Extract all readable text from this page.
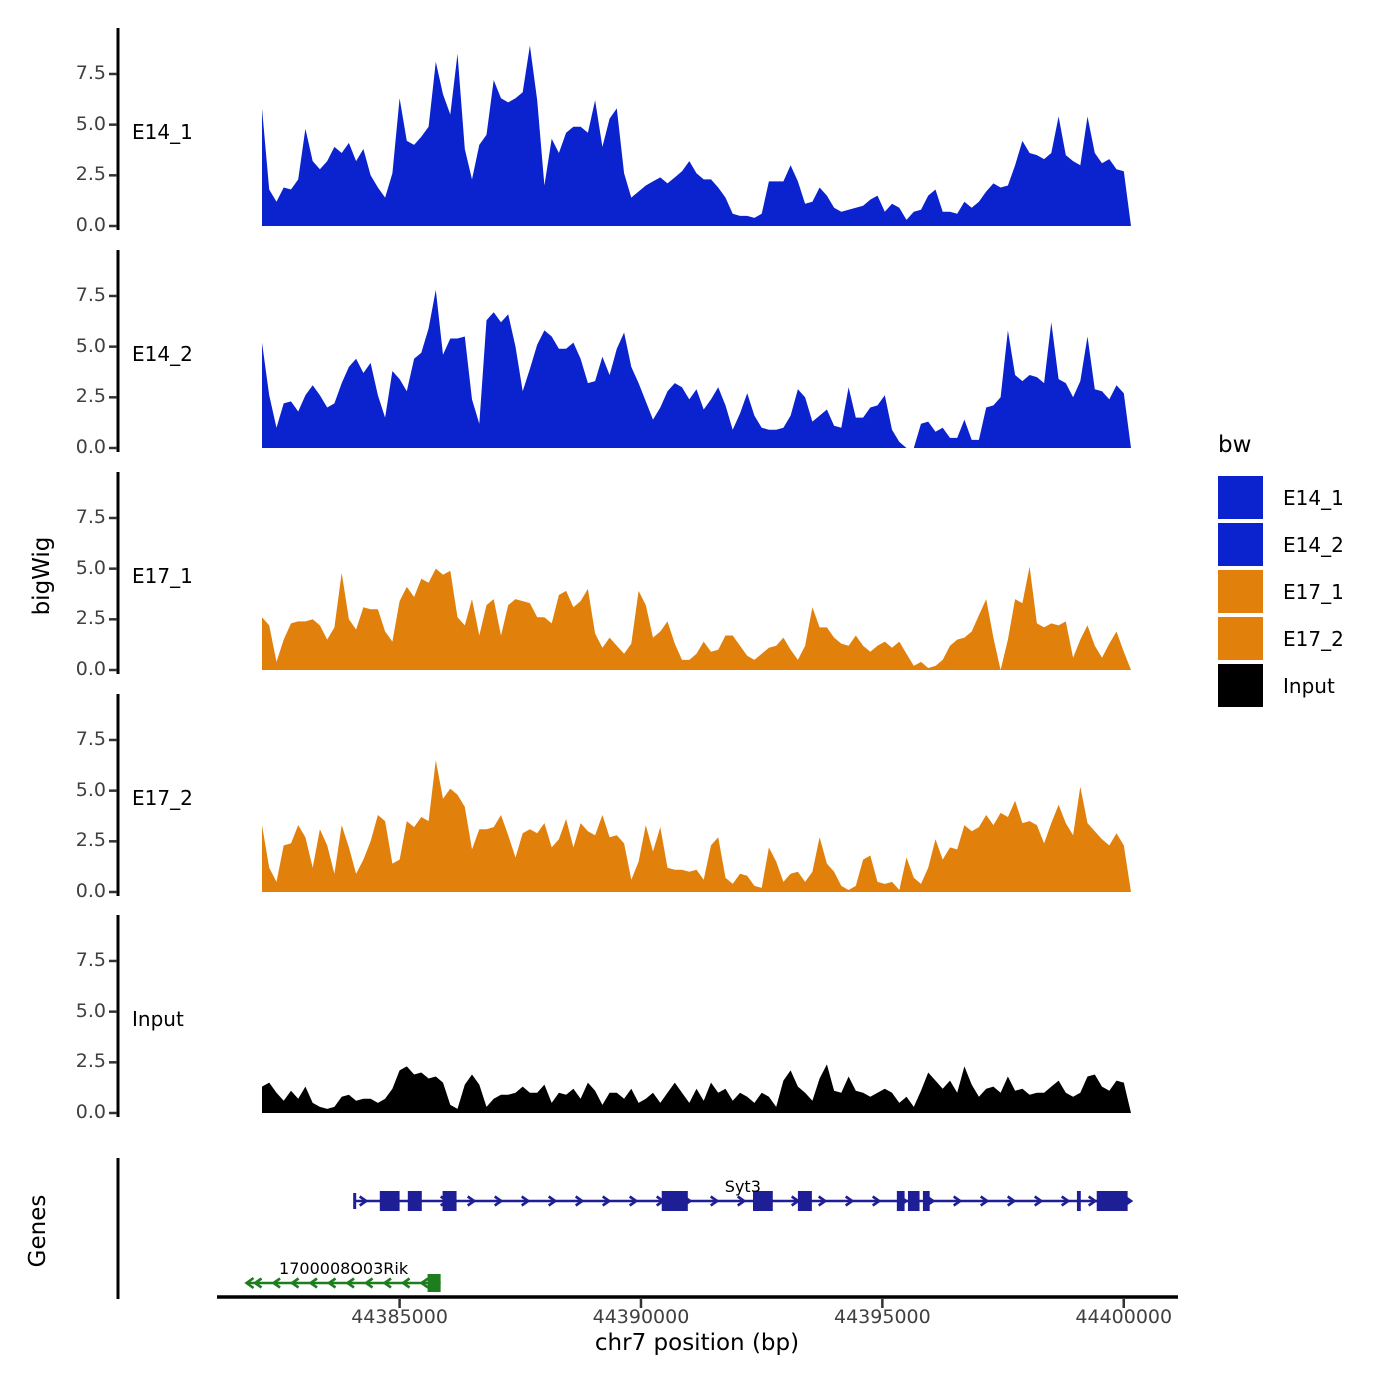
bigWig
Genes
chr7 position (bp)
bw
E14_1
E14_2
E17_1
E17_2
Input
0.0
2.5
5.0
7.5
E14_1
0.0
2.5
5.0
7.5
E14_2
0.0
2.5
5.0
7.5
E17_1
0.0
2.5
5.0
7.5
E17_2
0.0
2.5
5.0
7.5
Input
Syt3
1700008O03Rik
44385000	44390000	44395000	44400000
